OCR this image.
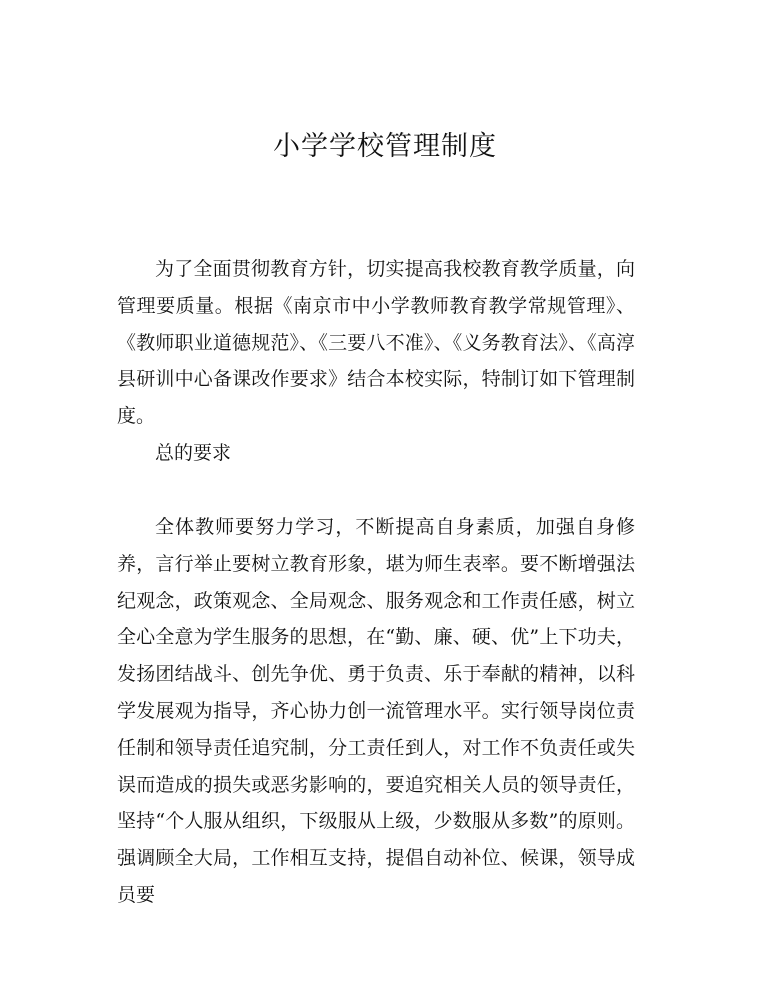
小学学校管理制度

为了全面贯彻教育方针，切实提高我校教育教学质量，向管理要质量。根据《南京市中小学教师教育教学常规管理》、《教师职业道德规范》、《三要八不准》、《义务教育法》、《高淳县研训中心备课改作要求》结合本校实际，特制订如下管理制度。

总的要求

全体教师要努力学习，不断提高自身素质，加强自身修养，言行举止要树立教育形象，堪为师生表率。要不断增强法纪观念，政策观念、全局观念、服务观念和工作责任感，树立全心全意为学生服务的思想，在“勤、廉、硬、优”上下功夫，发扬团结战斗、创先争优、勇于负责、乐于奉献的精神，以科学发展观为指导，齐心协力创一流管理水平。实行领导岗位责任制和领导责任追究制，分工责任到人，对工作不负责任或失误而造成的损失或恶劣影响的，要追究相关人员的领导责任，坚持“个人服从组织，下级服从上级，少数服从多数”的原则。强调顾全大局，工作相互支持，提倡自动补位、候课，领导成员要
